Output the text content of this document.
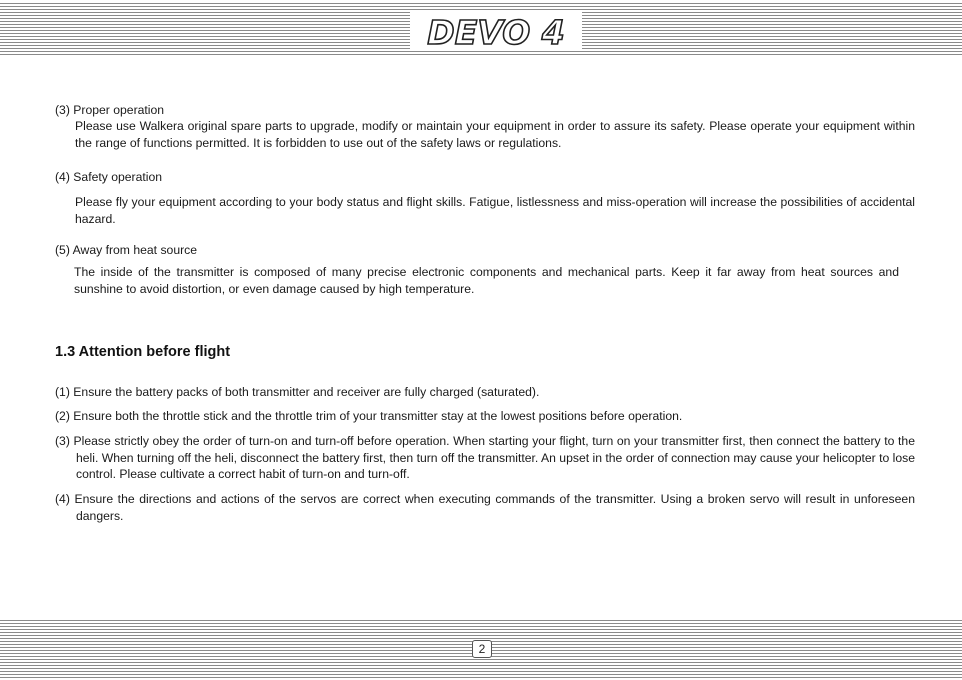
DEVO 4
(3) Proper operation
Please use Walkera original spare parts to upgrade, modify or maintain your equipment in order to assure its safety. Please operate your equipment within the range of functions permitted. It is forbidden to use out of the safety laws or regulations.
(4) Safety operation
Please fly your equipment according to your body status and flight skills. Fatigue, listlessness and miss-operation will increase the possibilities of accidental hazard.
(5) Away from heat source
The inside of the transmitter is composed of many precise electronic components and mechanical parts. Keep it far away from heat sources and sunshine to avoid distortion, or even damage caused by high temperature.
1.3 Attention before flight
(1) Ensure the battery packs of both transmitter and receiver are fully charged (saturated).
(2) Ensure both the throttle stick and the throttle trim of your transmitter stay at the lowest positions before operation.
(3) Please strictly obey the order of turn-on and turn-off before operation. When starting your flight, turn on your transmitter first, then connect the battery to the heli. When turning off the heli, disconnect the battery first, then turn off the transmitter. An upset in the order of connection may cause your helicopter to lose control. Please cultivate a correct habit of turn-on and turn-off.
(4) Ensure the directions and actions of the servos are correct when executing commands of the transmitter. Using a broken servo will result in unforeseen dangers.
2
